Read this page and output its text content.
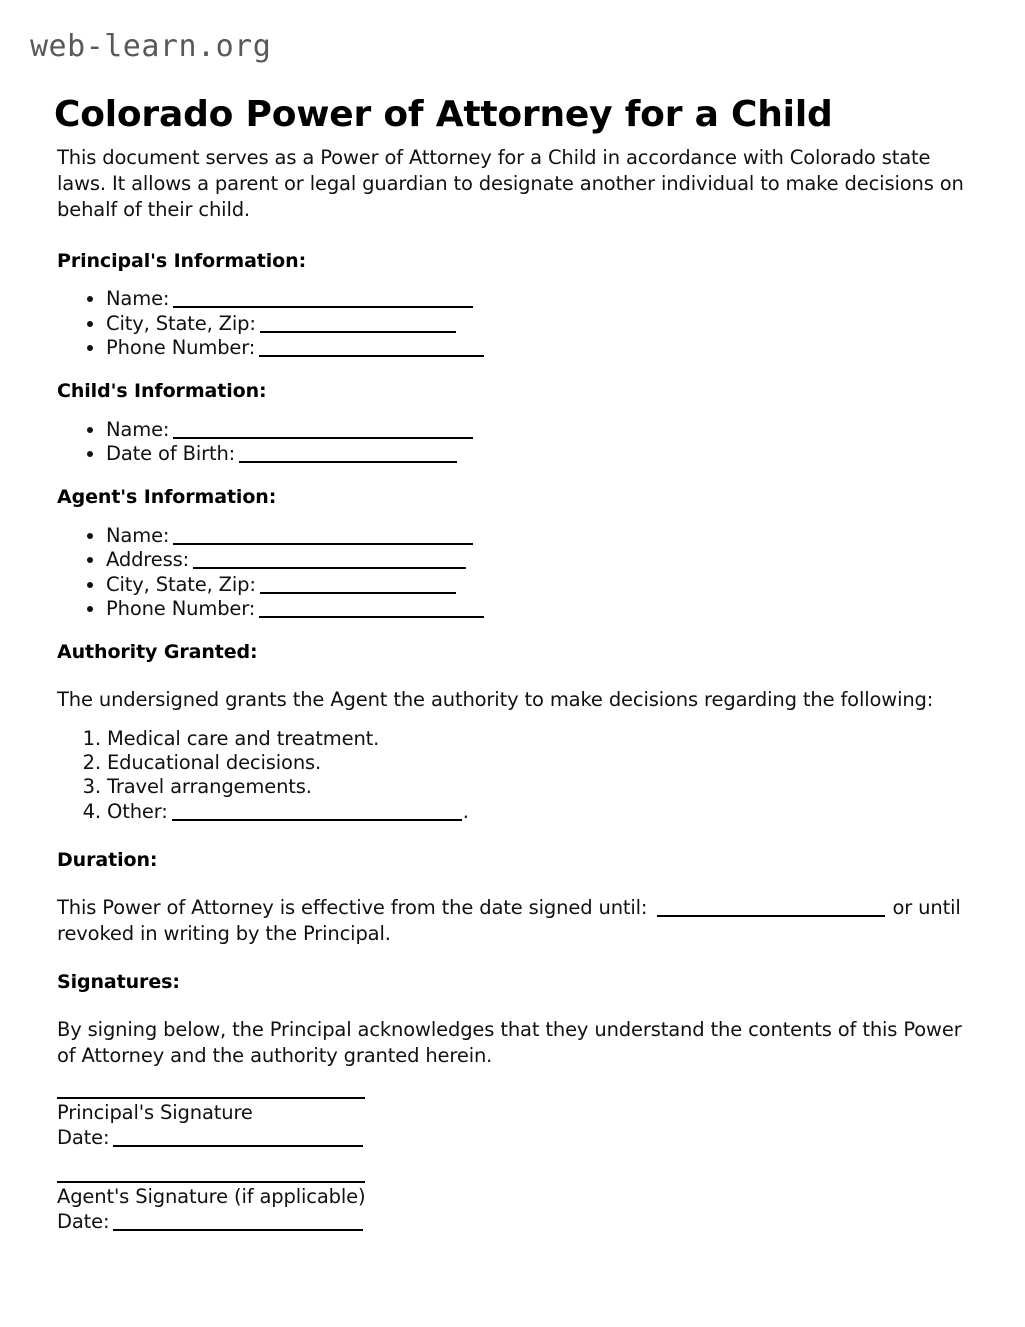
web-learn.org
Colorado Power of Attorney for a Child

This document serves as a Power of Attorney for a Child in accordance with Colorado state laws. It allows a parent or legal guardian to designate another individual to make decisions on behalf of their child.

Principal's Information:
• Name:
• City, State, Zip:
• Phone Number:
Child's Information:
• Name:
• Date of Birth:
Agent's Information:
• Name:
• Address:
• City, State, Zip:
• Phone Number:
Authority Granted:

The undersigned grants the Agent the authority to make decisions regarding the following:

1. Medical care and treatment.
2. Educational decisions.
3. Travel arrangements.
4. Other:	.
Duration:

This Power of Attorney is effective from the date signed until:	or until revoked in writing by the Principal.

Signatures:

By signing below, the Principal acknowledges that they understand the contents of this Power of Attorney and the authority granted herein.

Principal's Signature
Date:
Agent's Signature (if applicable)
Date:
